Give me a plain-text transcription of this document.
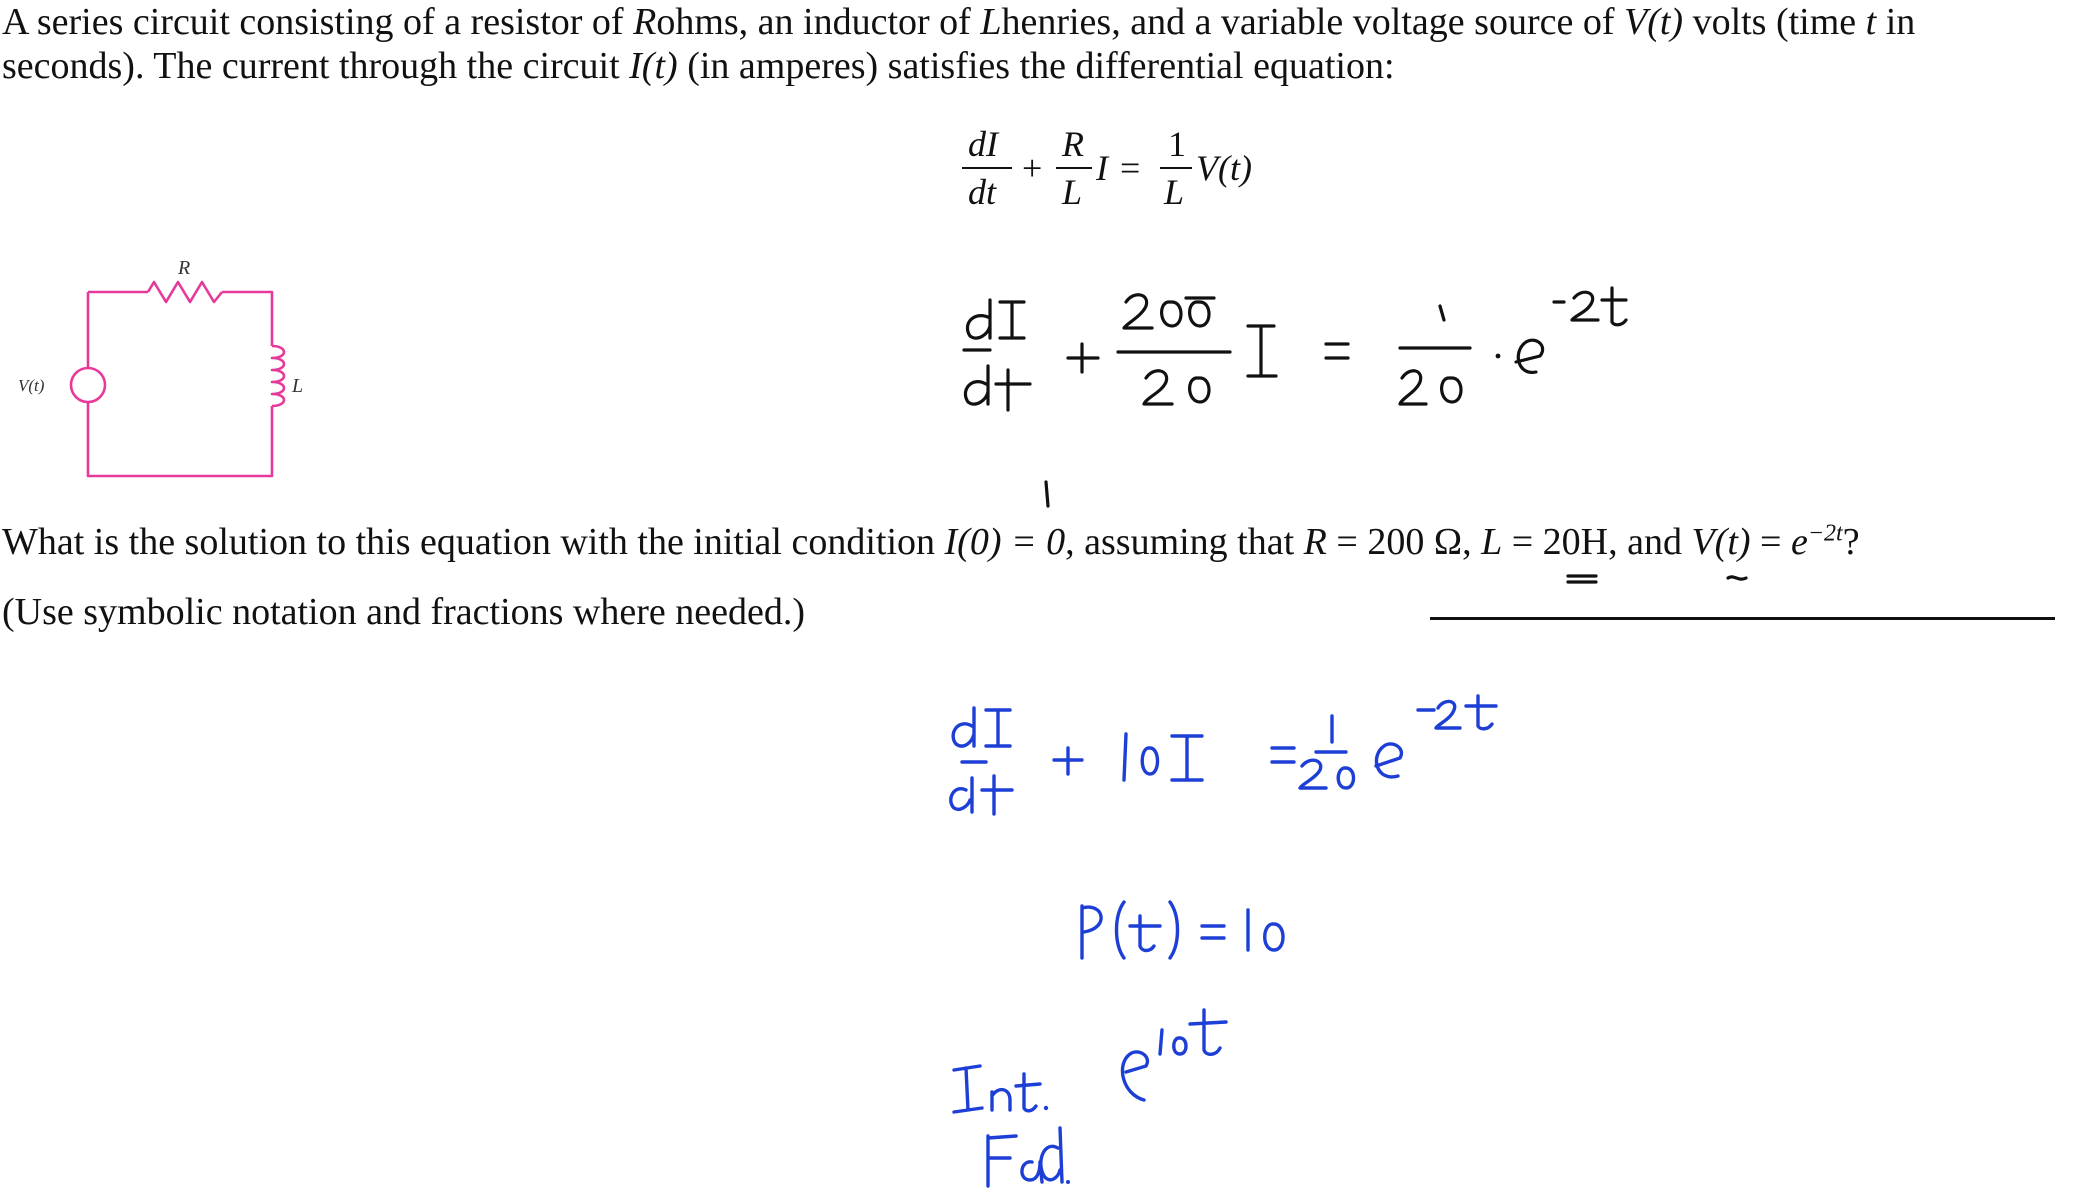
A series circuit consisting of a resistor of Rohms, an inductor of Lhenries, and a variable voltage source of V(t) volts (time t in
seconds). The current through the circuit I(t) (in amperes) satisfies the differential equation:
dI
dt
+
R
L
I =
1
L
V(t)
R
L
V(t)
What is the solution to this equation with the initial condition I(0) = 0, assuming that R = 200 Ω, L = 20H, and $V(t) = e^{-2t}$?
(Use symbolic notation and fractions where needed.)
